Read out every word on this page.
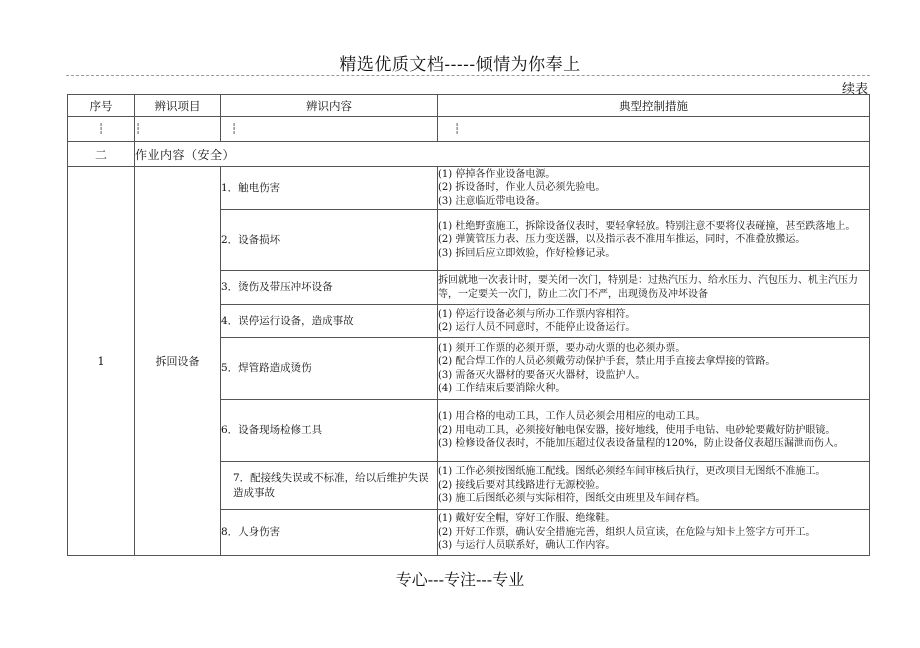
精选优质文档-----倾情为你奉上
续表
序号	辨识项目	辨识内容	典型控制措施
┆	┆	┆	┆
二	作业内容（安全）		
1	拆回设备	1．触电伤害	(1) 停掉各作业设备电源。
(2) 拆设备时，作业人员必须先验电。
(3) 注意临近带电设备。

		2．设备损坏	(1) 杜绝野蛮施工，拆除设备仪表时，要轻拿轻放。特别注意不要将仪表碰撞，甚至跌落地上。
(2) 弹簧管压力表、压力变送器，以及指示表不准用车推运，同时，不准叠放搬运。
(3) 拆回后应立即效验，作好检修记录。

		3．烫伤及带压冲坏设备	拆回就地一次表计时，要关闭一次门，特别是：过热汽压力、给水压力、汽包压力、机主汽压力等，一定要关一次门，防止二次门不严，出现烫伤及冲坏设备

		4．误停运行设备，造成事故	(1) 停运行设备必须与所办工作票内容相符。
(2) 运行人员不同意时，不能停止设备运行。

		5．焊管路造成烫伤	(1) 须开工作票的必须开票，要办动火票的也必须办票。
(2) 配合焊工作的人员必须戴劳动保护手套，禁止用手直接去拿焊接的管路。
(3) 需备灭火器材的要备灭火器材，设监护人。
(4) 工作结束后要消除火种。

		6．设备现场检修工具	(1) 用合格的电动工具，工作人员必须会用相应的电动工具。
(2) 用电动工具，必须接好触电保安器，接好地线，使用手电钻、电砂轮要戴好防护眼镜。
(3) 检修设备仪表时，不能加压超过仪表设备量程的120%，防止设备仪表超压漏泄而伤人。

		7．配接线失误或不标准，给以后维护失误造成事故	(1) 工作必须按图纸施工配线。图纸必须经车间审核后执行，更改项目无图纸不准施工。
(2) 接线后要对其线路进行无源校验。
(3) 施工后图纸必须与实际相符，图纸交由班里及车间存档。

		8．人身伤害	(1) 戴好安全帽，穿好工作服、绝缘鞋。
(2) 开好工作票，确认安全措施完善，组织人员宣读，在危险与知卡上签字方可开工。
(3) 与运行人员联系好，确认工作内容。
专心---专注---专业
